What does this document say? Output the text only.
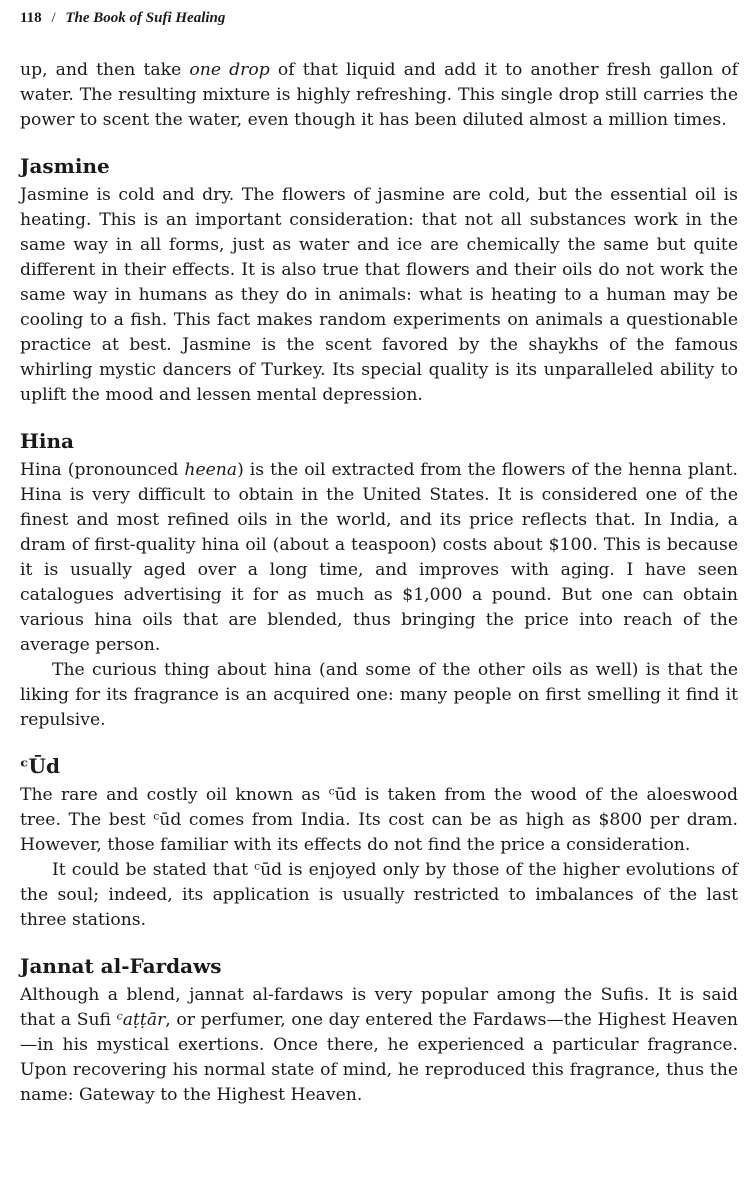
118 / The Book of Sufi Healing

up, and then take one drop of that liquid and add it to another fresh gallon of water. The resulting mixture is highly refreshing. This single drop still carries the power to scent the water, even though it has been diluted almost a million times.

Jasmine

Jasmine is cold and dry. The flowers of jasmine are cold, but the essential oil is heating. This is an important consideration: that not all substances work in the same way in all forms, just as water and ice are chemically the same but quite different in their effects. It is also true that flowers and their oils do not work the same way in humans as they do in animals: what is heating to a human may be cooling to a fish. This fact makes random experiments on animals a questionable practice at best. Jasmine is the scent favored by the shaykhs of the famous whirling mystic dancers of Turkey. Its special quality is its unparalleled ability to uplift the mood and lessen mental depression.

Hina

Hina (pronounced heena) is the oil extracted from the flowers of the henna plant. Hina is very difficult to obtain in the United States. It is considered one of the finest and most refined oils in the world, and its price reflects that. In India, a dram of first-quality hina oil (about a teaspoon) costs about $100. This is because it is usually aged over a long time, and improves with aging. I have seen catalogues advertising it for as much as $1,000 a pound. But one can obtain various hina oils that are blended, thus bringing the price into reach of the average person.

The curious thing about hina (and some of the other oils as well) is that the liking for its fragrance is an acquired one: many people on first smelling it find it repulsive.

ᶜŪd

The rare and costly oil known as ᶜūd is taken from the wood of the aloeswood tree. The best ᶜūd comes from India. Its cost can be as high as $800 per dram. However, those familiar with its effects do not find the price a consideration.

It could be stated that ᶜūd is enjoyed only by those of the higher evolutions of the soul; indeed, its application is usually restricted to imbalances of the last three stations.

Jannat al-Fardaws

Although a blend, jannat al-fardaws is very popular among the Sufis. It is said that a Sufi ᶜaṭṭār, or perfumer, one day entered the Fardaws—the Highest Heaven—in his mystical exertions. Once there, he experienced a particular fragrance. Upon recovering his normal state of mind, he reproduced this fragrance, thus the name: Gateway to the Highest Heaven.
